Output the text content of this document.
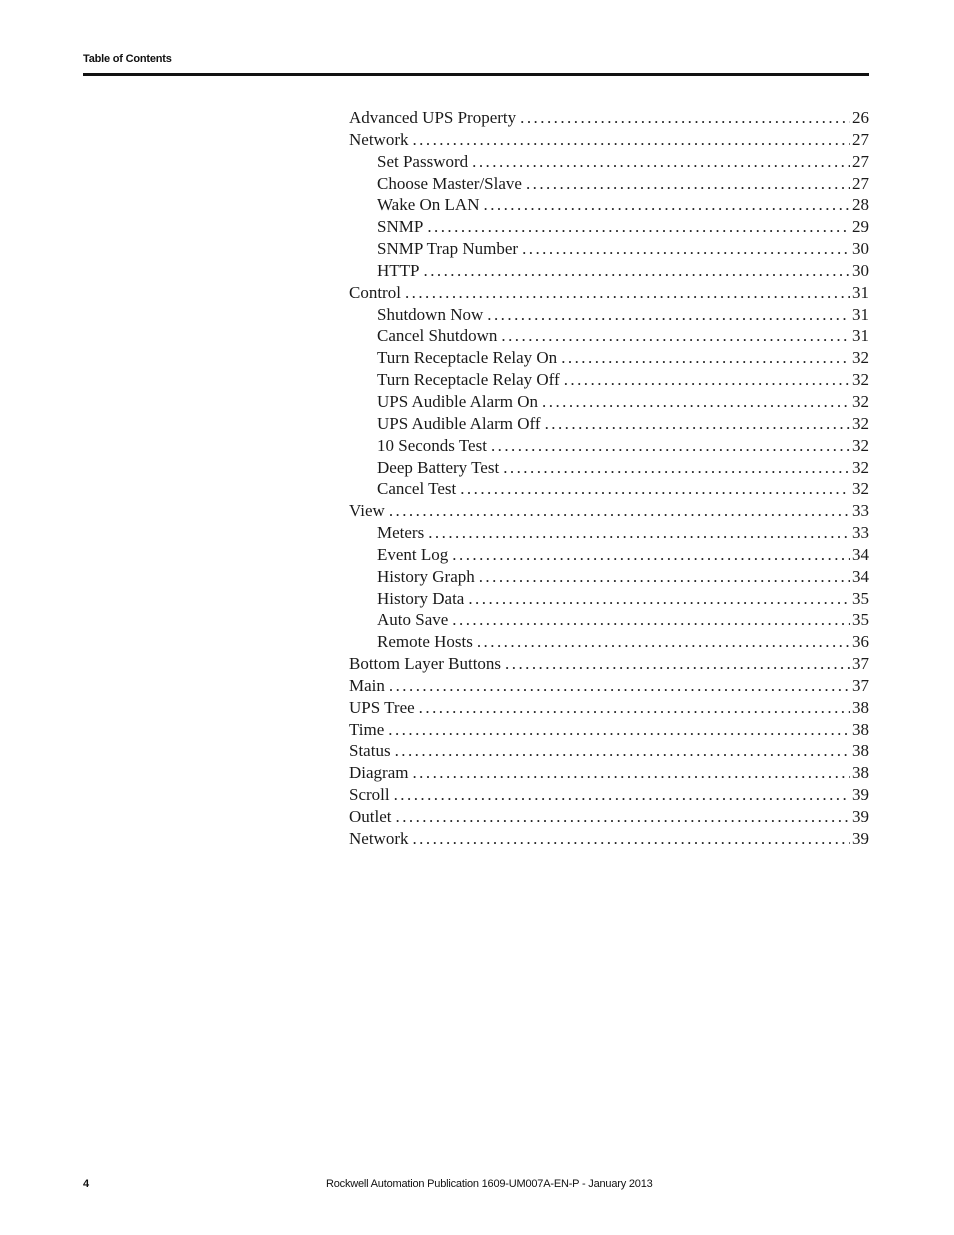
Table of Contents
Advanced UPS Property . . .	26
Network . . .	27
Set Password . . .	27
Choose Master/Slave . . .	27
Wake On LAN . . .	28
SNMP . . .	29
SNMP Trap Number . . .	30
HTTP . . .	30
Control . . .	31
Shutdown Now . . .	31
Cancel Shutdown . . .	31
Turn Receptacle Relay On . . .	32
Turn Receptacle Relay Off . . .	32
UPS Audible Alarm On . . .	32
UPS Audible Alarm Off . . .	32
10 Seconds Test . . .	32
Deep Battery Test . . .	32
Cancel Test . . .	32
View . . .	33
Meters . . .	33
Event Log . . .	34
History Graph . . .	34
History Data . . .	35
Auto Save . . .	35
Remote Hosts . . .	36
Bottom Layer Buttons . . .	37
Main . . .	37
UPS Tree . . .	38
Time . . .	38
Status . . .	38
Diagram . . .	38
Scroll . . .	39
Outlet . . .	39
Network . . .	39
4	Rockwell Automation Publication 1609-UM007A-EN-P - January 2013
